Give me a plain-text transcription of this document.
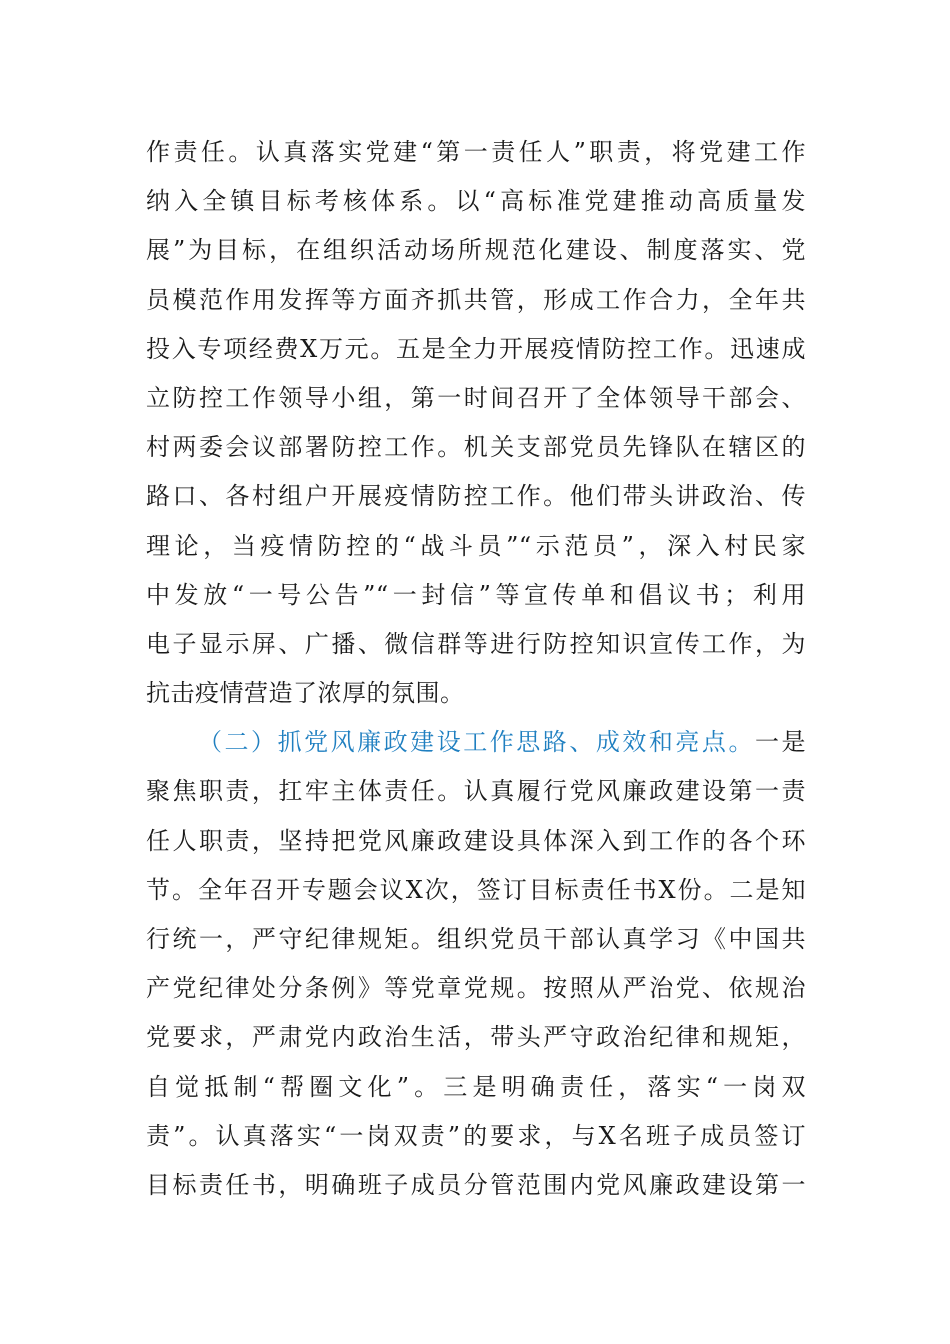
作责任。认真落实党建“第一责任人”职责，将党建工作
纳入全镇目标考核体系。以“高标准党建推动高质量发
展”为目标，在组织活动场所规范化建设、制度落实、党
员模范作用发挥等方面齐抓共管，形成工作合力，全年共
投入专项经费X万元。五是全力开展疫情防控工作。迅速成
立防控工作领导小组，第一时间召开了全体领导干部会、
村两委会议部署防控工作。机关支部党员先锋队在辖区的
路口、各村组户开展疫情防控工作。他们带头讲政治、传
理论，当疫情防控的“战斗员”“示范员”，深入村民家
中发放“一号公告”“一封信”等宣传单和倡议书；利用
电子显示屏、广播、微信群等进行防控知识宣传工作，为
抗击疫情营造了浓厚的氛围。
（二）抓党风廉政建设工作思路、成效和亮点。一是
聚焦职责，扛牢主体责任。认真履行党风廉政建设第一责
任人职责，坚持把党风廉政建设具体深入到工作的各个环
节。全年召开专题会议X次，签订目标责任书X份。二是知
行统一，严守纪律规矩。组织党员干部认真学习《中国共
产党纪律处分条例》等党章党规。按照从严治党、依规治
党要求，严肃党内政治生活，带头严守政治纪律和规矩，
自觉抵制“帮圈文化”。三是明确责任，落实“一岗双
责”。认真落实“一岗双责”的要求，与X名班子成员签订
目标责任书，明确班子成员分管范围内党风廉政建设第一
